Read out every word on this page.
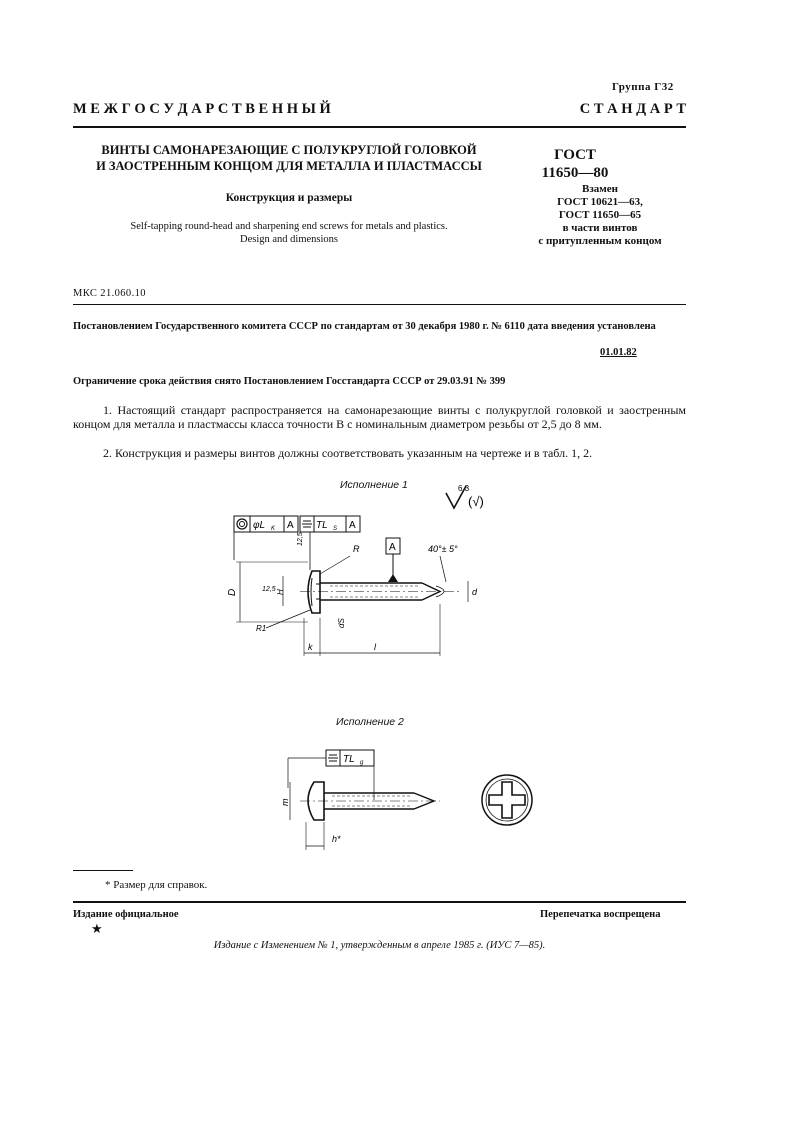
Группа Г32
М Е Ж Г О С У Д А Р С Т В Е Н Н Ы Й	С Т А Н Д А Р Т
ВИНТЫ САМОНАРЕЗАЮЩИЕ С ПОЛУКРУГЛОЙ ГОЛОВКОЙ
И ЗАОСТРЕННЫМ КОНЦОМ ДЛЯ МЕТАЛЛА И ПЛАСТМАССЫ
Конструкция и размеры
Self-tapping round-head and sharpening end screws for metals and plastics.
Design and dimensions
ГОСТ
11650—80
Взамен
ГОСТ 10621—63,
ГОСТ 11650—65
в части винтов
с притупленным концом
МКС 21.060.10
Постановлением Государственного комитета СССР по стандартам от 30 декабря 1980 г. № 6110 дата введения установлена
01.01.82
Ограничение срока действия снято Постановлением Госстандарта СССР от 29.03.91 № 399
1. Настоящий стандарт распространяется на самонарезающие винты с полукруглой головкой и заостренным концом для металла и пластмассы класса точности В с номинальным диаметром резьбы от 2,5 до 8 мм.
2. Конструкция и размеры винтов должны соответствовать указанным на чертеже и в табл. 1, 2.
Исполнение 1	6,3
(√)
φL K A TL S A
A	40°± 5°
R
D	H
12,5
12,5
R1
d
dS
k	l
Исполнение 2
TL g
m
h*
* Размер для справок.
Издание официальное	Перепечатка воспрещена
★
Издание с Изменением № 1, утвержденным в апреле 1985 г. (ИУС 7—85).
